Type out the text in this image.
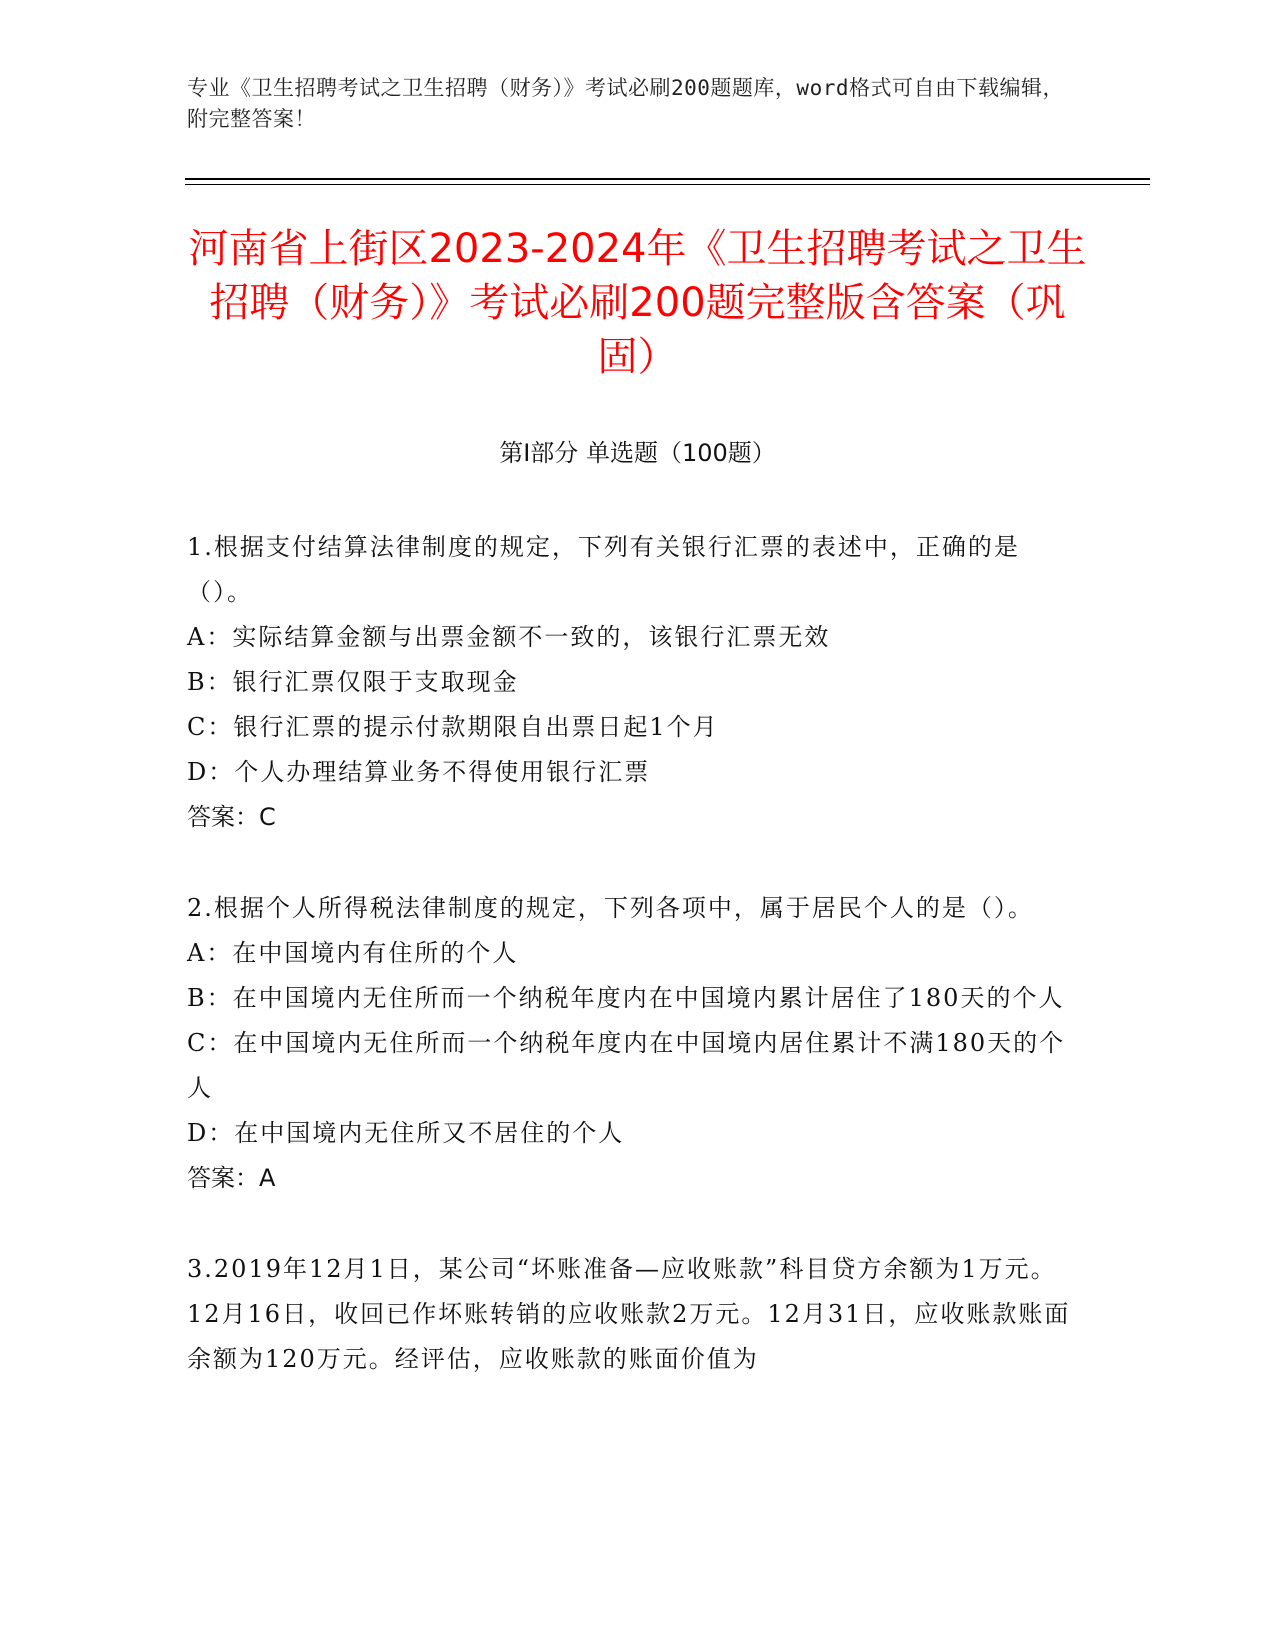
专业《卫生招聘考试之卫生招聘（财务）》考试必刷200题题库，word格式可自由下载编辑，附完整答案！
河南省上街区2023-2024年《卫生招聘考试之卫生招聘（财务）》考试必刷200题完整版含答案（巩固）
第Ⅰ部分 单选题（100题）

1.根据支付结算法律制度的规定，下列有关银行汇票的表述中，正确的是（）。

A：实际结算金额与出票金额不一致的，该银行汇票无效

B：银行汇票仅限于支取现金

C：银行汇票的提示付款期限自出票日起1个月

D：个人办理结算业务不得使用银行汇票

答案：C

2.根据个人所得税法律制度的规定，下列各项中，属于居民个人的是（）。

A：在中国境内有住所的个人

B：在中国境内无住所而一个纳税年度内在中国境内累计居住了180天的个人

C：在中国境内无住所而一个纳税年度内在中国境内居住累计不满180天的个人

D：在中国境内无住所又不居住的个人

答案：A

3.2019年12月1日，某公司“坏账准备—应收账款”科目贷方余额为1万元。12月16日，收回已作坏账转销的应收账款2万元。12月31日，应收账款账面余额为120万元。经评估，应收账款的账面价值为
